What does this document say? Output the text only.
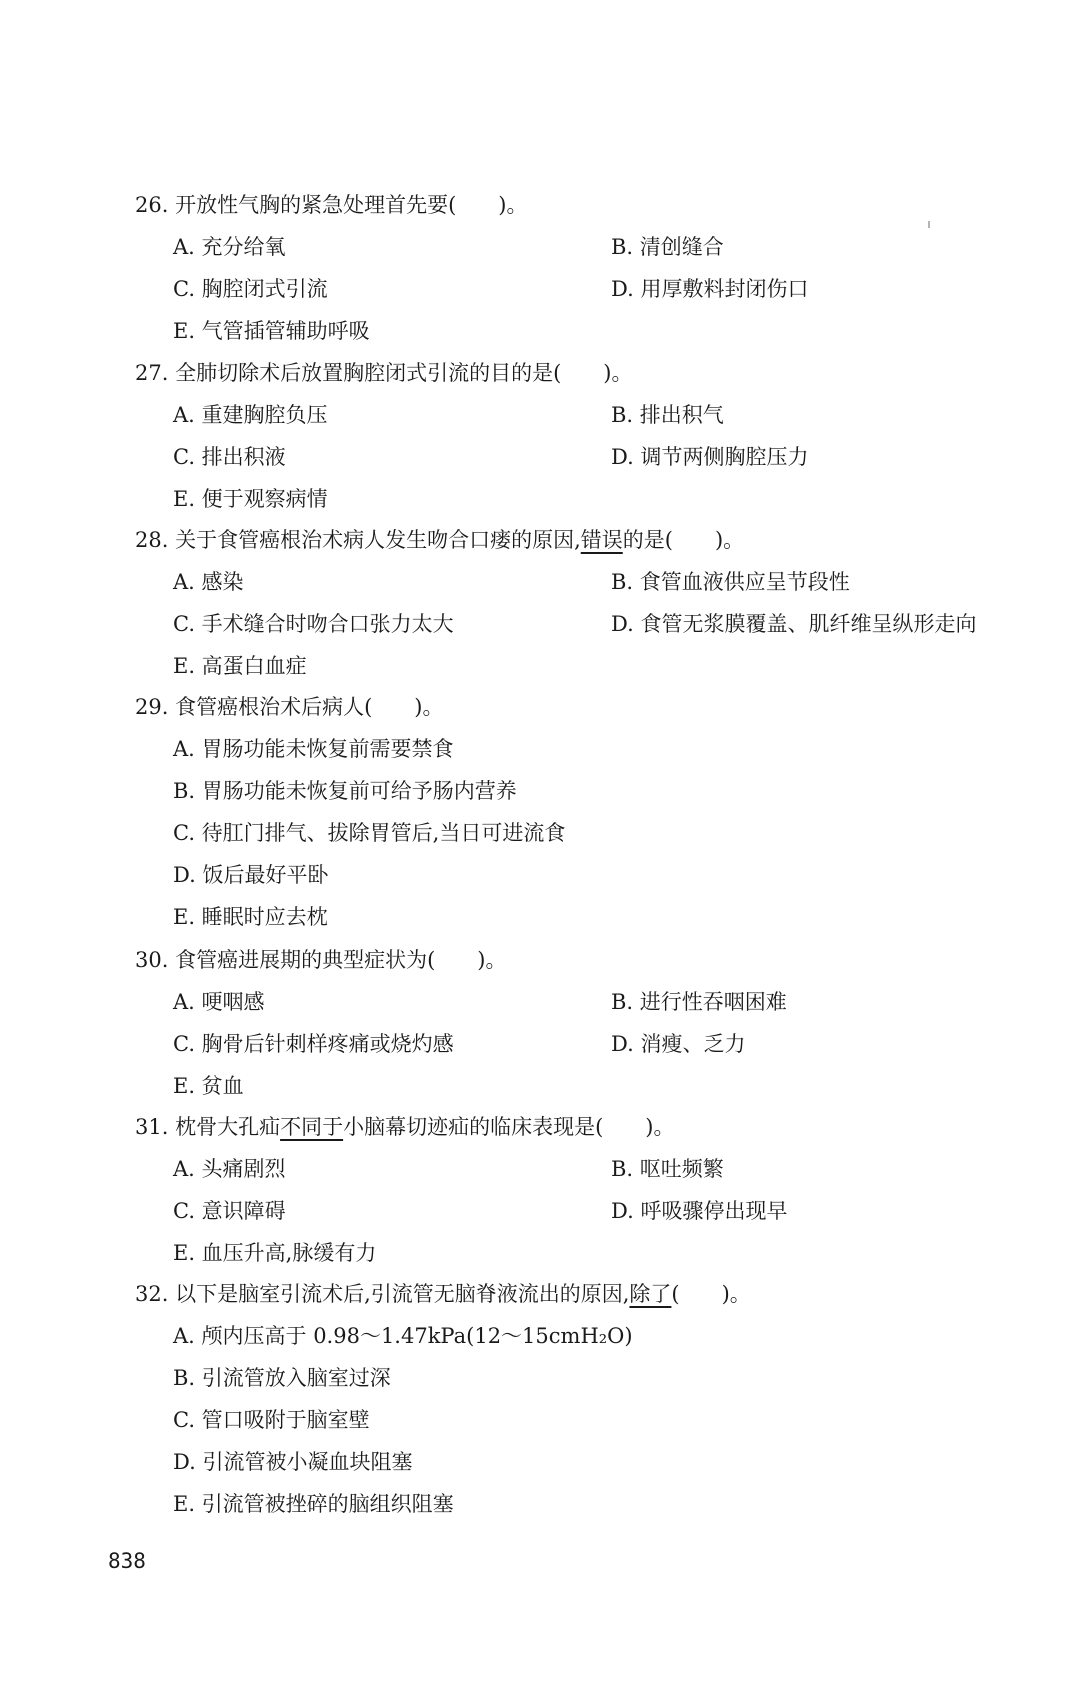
26. 开放性气胸的紧急处理首先要(　　)。
A. 充分给氧	B. 清创缝合
C. 胸腔闭式引流	D. 用厚敷料封闭伤口
E. 气管插管辅助呼吸
27. 全肺切除术后放置胸腔闭式引流的目的是(　　)。
A. 重建胸腔负压	B. 排出积气
C. 排出积液	D. 调节两侧胸腔压力
E. 便于观察病情
28. 关于食管癌根治术病人发生吻合口瘘的原因,错误的是(　　)。
A. 感染	B. 食管血液供应呈节段性
C. 手术缝合时吻合口张力太大	D. 食管无浆膜覆盖、肌纤维呈纵形走向
E. 高蛋白血症
29. 食管癌根治术后病人(　　)。
A. 胃肠功能未恢复前需要禁食
B. 胃肠功能未恢复前可给予肠内营养
C. 待肛门排气、拔除胃管后,当日可进流食
D. 饭后最好平卧
E. 睡眠时应去枕
30. 食管癌进展期的典型症状为(　　)。
A. 哽咽感	B. 进行性吞咽困难
C. 胸骨后针刺样疼痛或烧灼感	D. 消瘦、乏力
E. 贫血
31. 枕骨大孔疝不同于小脑幕切迹疝的临床表现是(　　)。
A. 头痛剧烈	B. 呕吐频繁
C. 意识障碍	D. 呼吸骤停出现早
E. 血压升高,脉缓有力
32. 以下是脑室引流术后,引流管无脑脊液流出的原因,除了(　　)。
A. 颅内压高于 0.98～1.47kPa(12～15cmH₂O)
B. 引流管放入脑室过深
C. 管口吸附于脑室壁
D. 引流管被小凝血块阻塞
E. 引流管被挫碎的脑组织阻塞
838
